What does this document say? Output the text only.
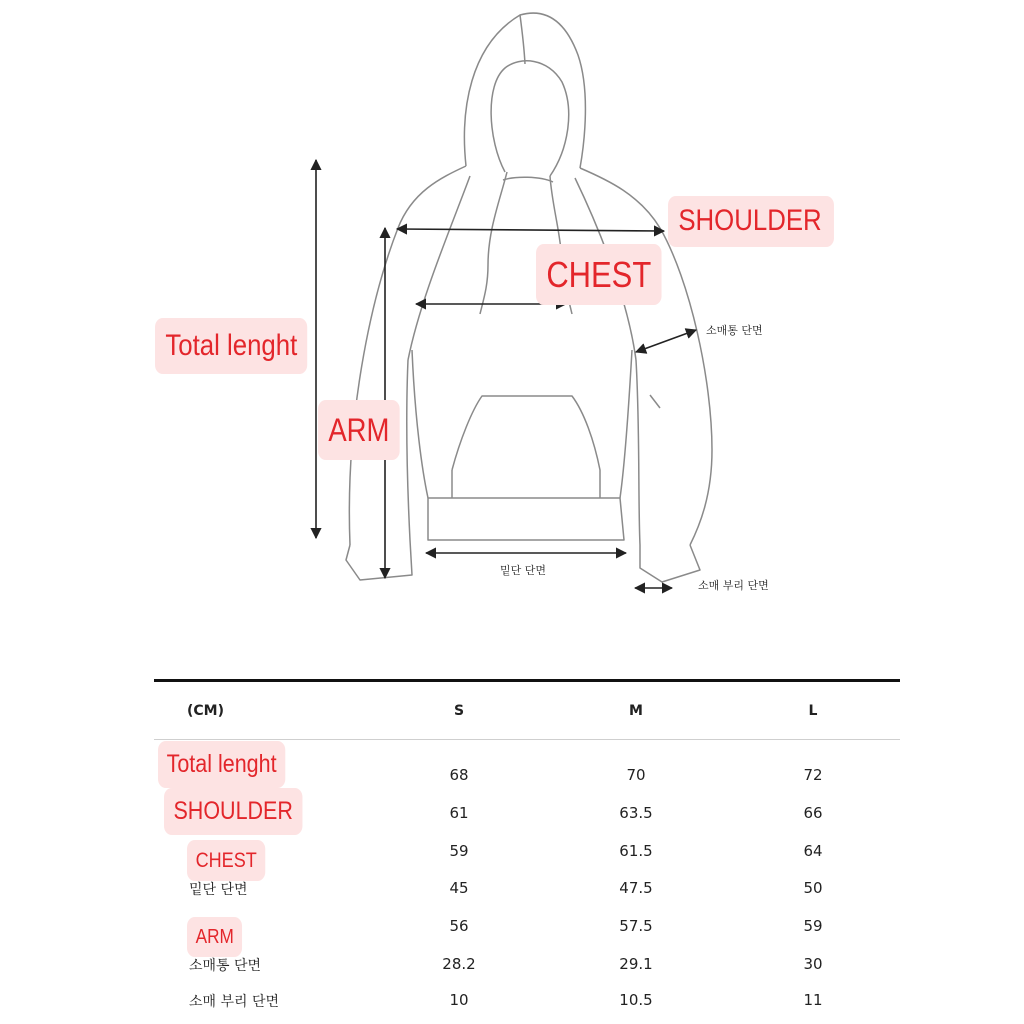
SHOULDER
CHEST
Total lenght
ARM
소매통 단면
밑단 단면
소매 부리 단면
(CM)	S	M	L
Total lenght	68	70	72
SHOULDER	61	63.5	66
CHEST	59	61.5	64
밑단 단면	45	47.5	50
ARM	56	57.5	59
소매통 단면	28.2	29.1	30
소매 부리 단면	10	10.5	11
